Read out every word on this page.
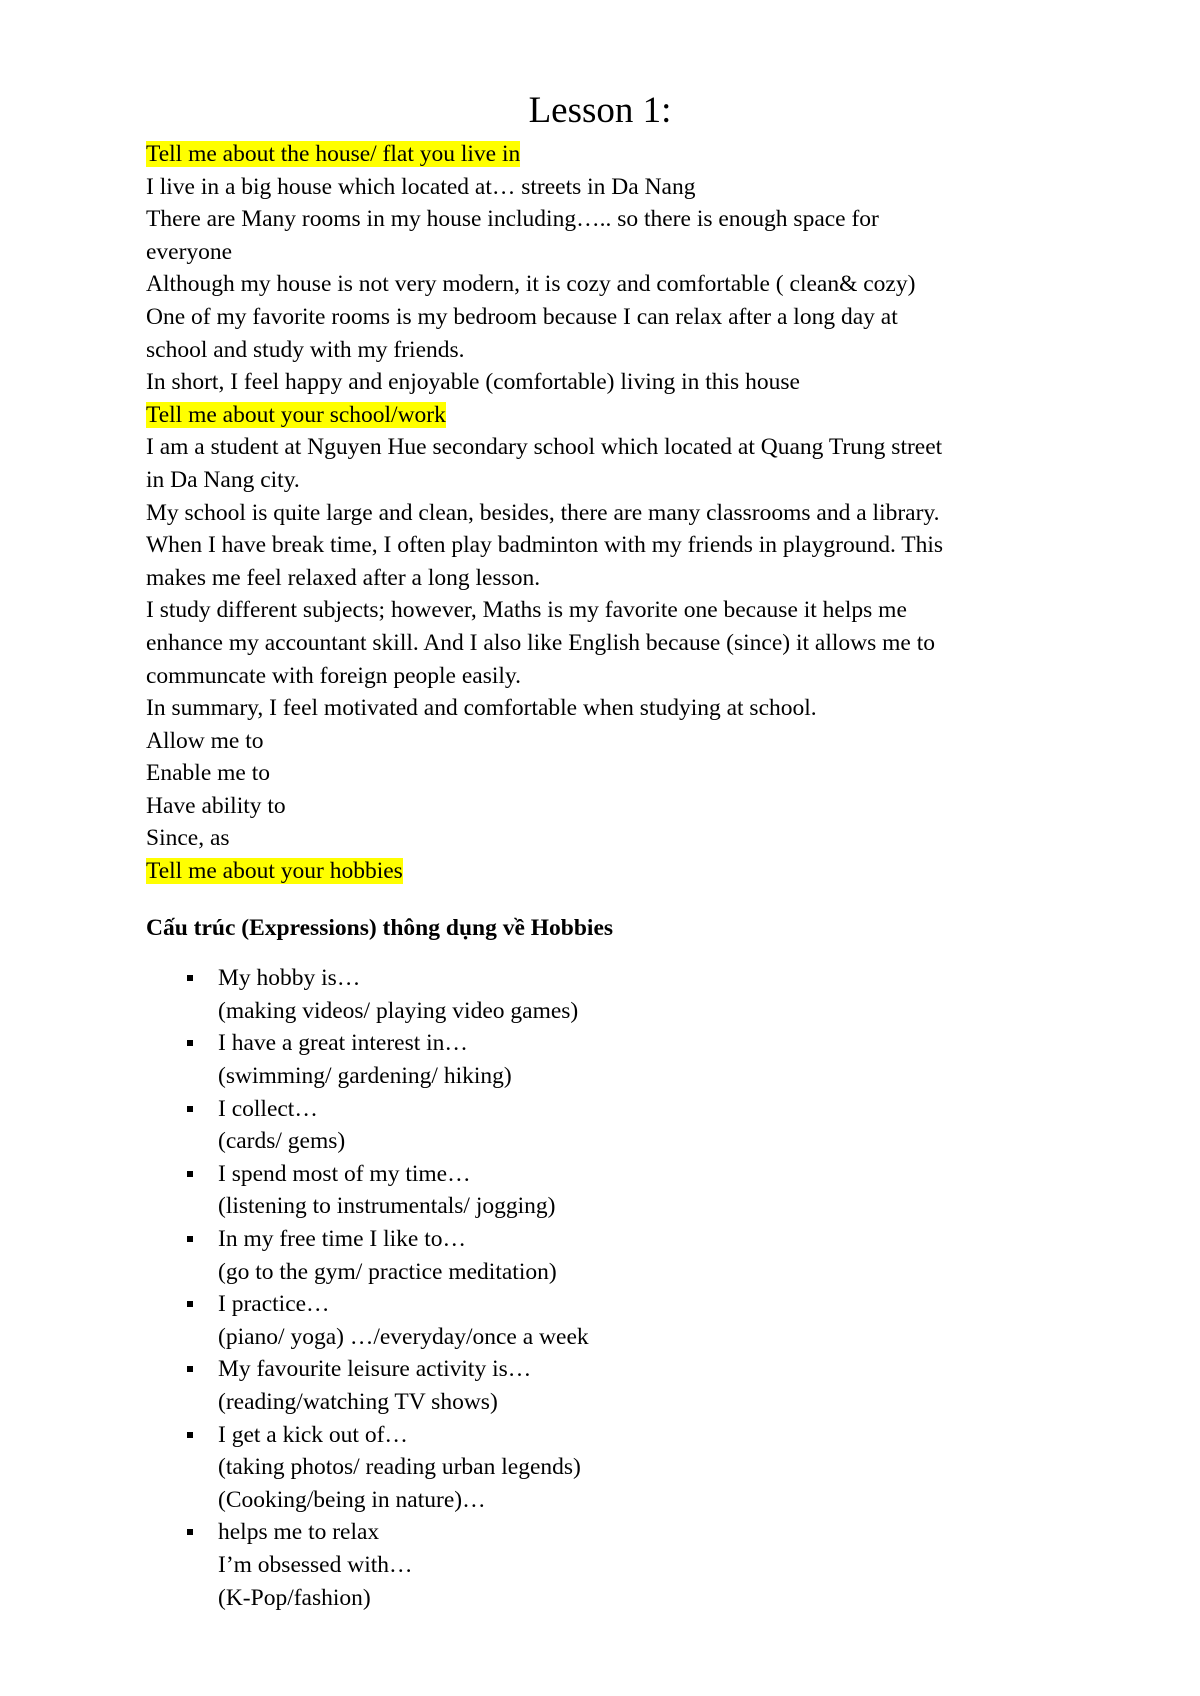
Lesson 1:
Tell me about the house/ flat you live in
I live in a big house which located at… streets in Da Nang
There are Many rooms in my house including….. so there is enough space for
everyone
Although my house is not very modern, it is cozy and comfortable ( clean& cozy)
One of my favorite rooms is my bedroom because I can relax after a long day at
school and study with my friends.
In short, I feel happy and enjoyable (comfortable) living in this house
Tell me about your school/work
I am a student at Nguyen Hue secondary school which located at Quang Trung street
in Da Nang city.
My school is quite large and clean, besides, there are many classrooms and a library.
When I have break time, I often play badminton with my friends in playground. This
makes me feel relaxed after a long lesson.
I study different subjects; however, Maths is my favorite one because it helps me
enhance my accountant skill. And I also like English because (since) it allows me to
communcate with foreign people easily.
In summary, I feel motivated and comfortable when studying at school.
Allow me to
Enable me to
Have ability to
Since, as
Tell me about your hobbies
Cấu trúc (Expressions) thông dụng về Hobbies
My hobby is…
(making videos/ playing video games)
I have a great interest in…
(swimming/ gardening/ hiking)
I collect…
(cards/ gems)
I spend most of my time…
(listening to instrumentals/ jogging)
In my free time I like to…
(go to the gym/ practice meditation)
I practice…
(piano/ yoga) …/everyday/once a week
My favourite leisure activity is…
(reading/watching TV shows)
I get a kick out of…
(taking photos/ reading urban legends)
(Cooking/being in nature)…
helps me to relax
I’m obsessed with…
(K-Pop/fashion)
